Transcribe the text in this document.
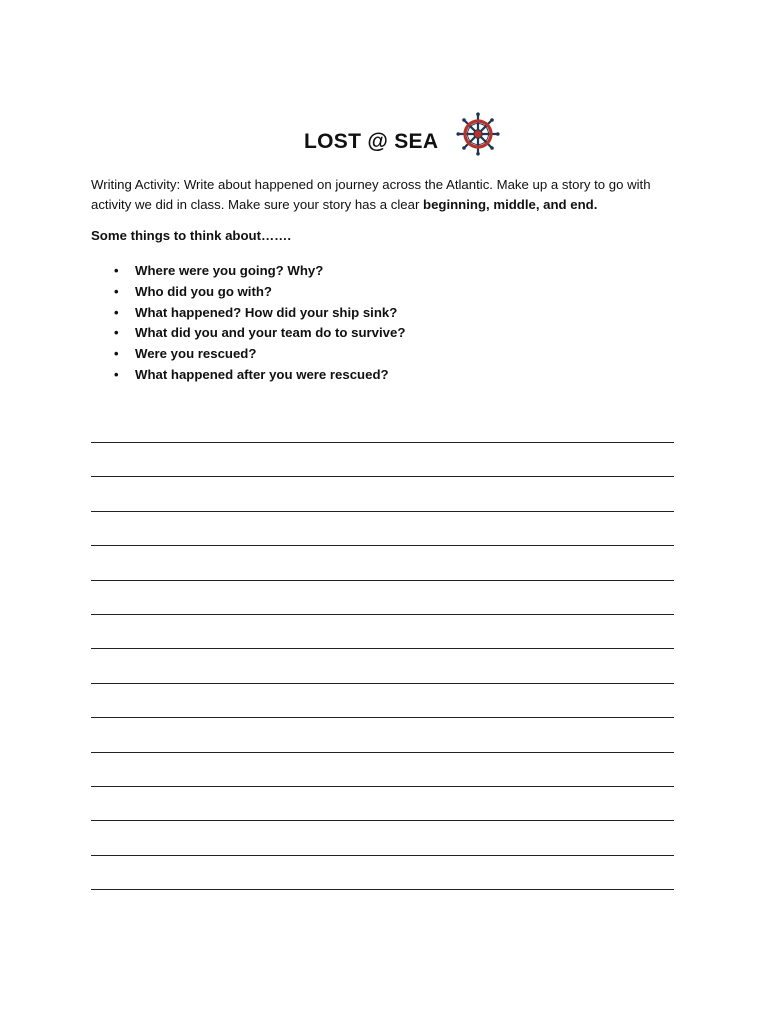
LOST @ SEA
Writing Activity: Write about happened on journey across the Atlantic. Make up a story to go with
activity we did in class. Make sure your story has a clear beginning, middle, and end.
Some things to think about…….
• Where were you going? Why?
• Who did you go with?
• What happened? How did your ship sink?
• What did you and your team do to survive?
• Were you rescued?
• What happened after you were rescued?
